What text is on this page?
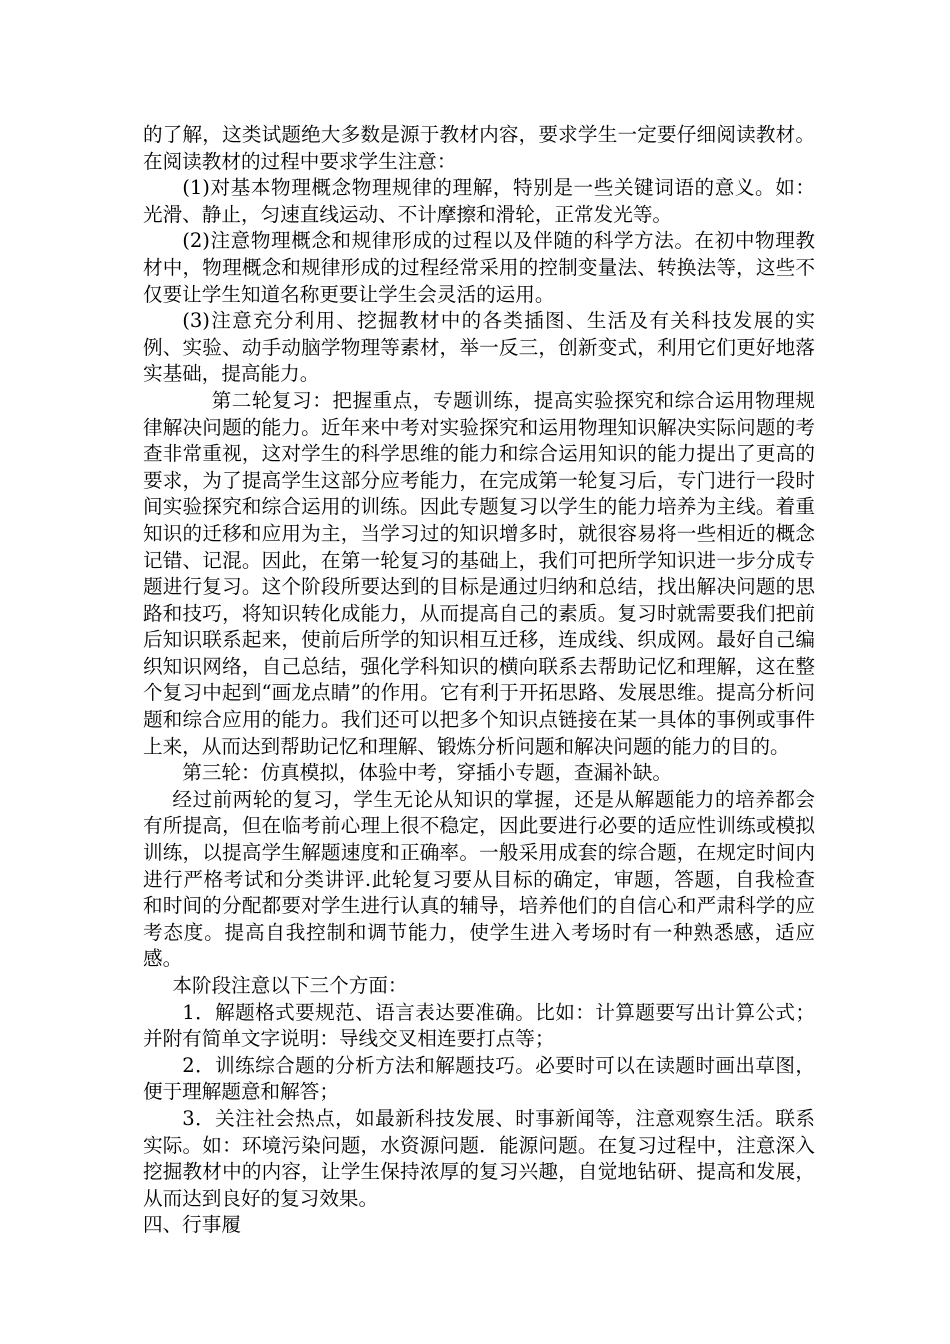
的了解，这类试题绝大多数是源于教材内容，要求学生一定要仔细阅读教材。在阅读教材的过程中要求学生注意：

(1)对基本物理概念物理规律的理解，特别是一些关键词语的意义。如：光滑、静止，匀速直线运动、不计摩擦和滑轮，正常发光等。

(2)注意物理概念和规律形成的过程以及伴随的科学方法。在初中物理教材中，物理概念和规律形成的过程经常采用的控制变量法、转换法等，这些不仅要让学生知道名称更要让学生会灵活的运用。

(3)注意充分利用、挖掘教材中的各类插图、生活及有关科技发展的实例、实验、动手动脑学物理等素材，举一反三，创新变式，利用它们更好地落实基础，提高能力。

第二轮复习：把握重点，专题训练，提高实验探究和综合运用物理规律解决问题的能力。近年来中考对实验探究和运用物理知识解决实际问题的考查非常重视，这对学生的科学思维的能力和综合运用知识的能力提出了更高的要求，为了提高学生这部分应考能力，在完成第一轮复习后，专门进行一段时间实验探究和综合运用的训练。因此专题复习以学生的能力培养为主线。着重知识的迁移和应用为主，当学习过的知识增多时，就很容易将一些相近的概念记错、记混。因此，在第一轮复习的基础上，我们可把所学知识进一步分成专题进行复习。这个阶段所要达到的目标是通过归纳和总结，找出解决问题的思路和技巧，将知识转化成能力，从而提高自己的素质。复习时就需要我们把前后知识联系起来，使前后所学的知识相互迁移，连成线、织成网。最好自己编织知识网络，自己总结，强化学科知识的横向联系去帮助记忆和理解，这在整个复习中起到“画龙点睛”的作用。它有利于开拓思路、发展思维。提高分析问题和综合应用的能力。我们还可以把多个知识点链接在某一具体的事例或事件上来，从而达到帮助记忆和理解、锻炼分析问题和解决问题的能力的目的。

第三轮：仿真模拟，体验中考，穿插小专题，查漏补缺。

经过前两轮的复习，学生无论从知识的掌握，还是从解题能力的培养都会有所提高，但在临考前心理上很不稳定，因此要进行必要的适应性训练或模拟训练，以提高学生解题速度和正确率。一般采用成套的综合题，在规定时间内进行严格考试和分类讲评.此轮复习要从目标的确定，审题，答题，自我检查和时间的分配都要对学生进行认真的辅导，培养他们的自信心和严肃科学的应考态度。提高自我控制和调节能力，使学生进入考场时有一种熟悉感，适应感。

本阶段注意以下三个方面：

1．解题格式要规范、语言表达要准确。比如：计算题要写出计算公式；并附有简单文字说明：导线交叉相连要打点等；

2．训练综合题的分析方法和解题技巧。必要时可以在读题时画出草图，便于理解题意和解答；

3．关注社会热点，如最新科技发展、时事新闻等，注意观察生活。联系实际。如：环境污染问题，水资源问题．能源问题。在复习过程中，注意深入挖掘教材中的内容，让学生保持浓厚的复习兴趣，自觉地钻研、提高和发展，从而达到良好的复习效果。

四、行事履
